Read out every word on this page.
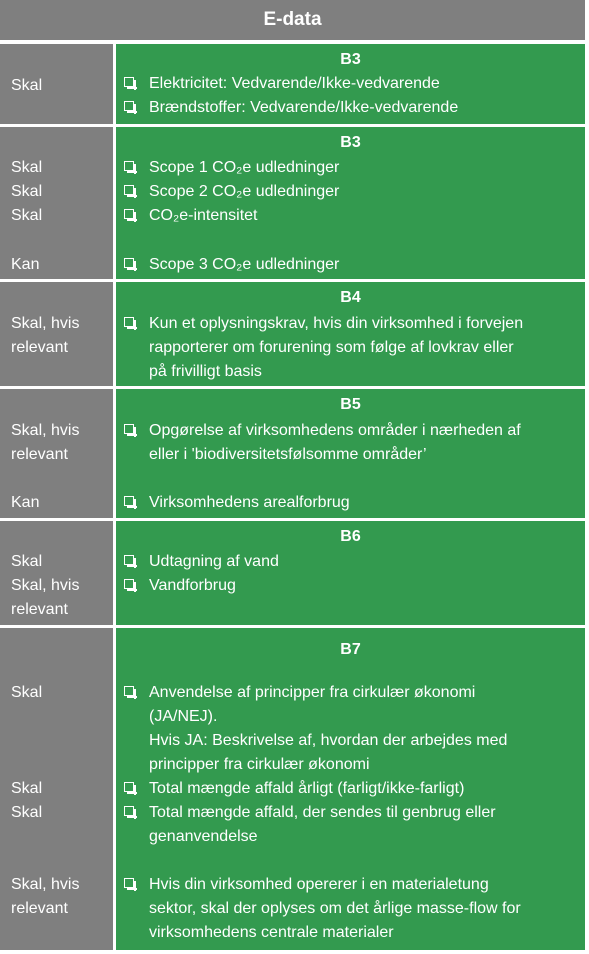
E-data
Skal
B3
Elektricitet: Vedvarende/Ikke-vedvarende
Brændstoffer: Vedvarende/Ikke-vedvarende
Skal
Skal
Skal
Kan
B3
Scope 1 CO₂e udledninger
Scope 2 CO₂e udledninger
CO₂e-intensitet
Scope 3 CO₂e udledninger
Skal, hvis
relevant
B4
Kun et oplysningskrav, hvis din virksomhed i forvejen
rapporterer om forurening som følge af lovkrav eller
på frivilligt basis
Skal, hvis
relevant
Kan
B5
Opgørelse af virksomhedens områder i nærheden af
eller i 'biodiversitetsfølsomme områder’
Virksomhedens arealforbrug
Skal
Skal, hvis
relevant
B6
Udtagning af vand
Vandforbrug
Skal
Skal
Skal
Skal, hvis
relevant
B7
Anvendelse af principper fra cirkulær økonomi
(JA/NEJ).
Hvis JA: Beskrivelse af, hvordan der arbejdes med
principper fra cirkulær økonomi
Total mængde affald årligt (farligt/ikke-farligt)
Total mængde affald, der sendes til genbrug eller
genanvendelse
Hvis din virksomhed opererer i en materialetung
sektor, skal der oplyses om det årlige masse-flow for
virksomhedens centrale materialer
